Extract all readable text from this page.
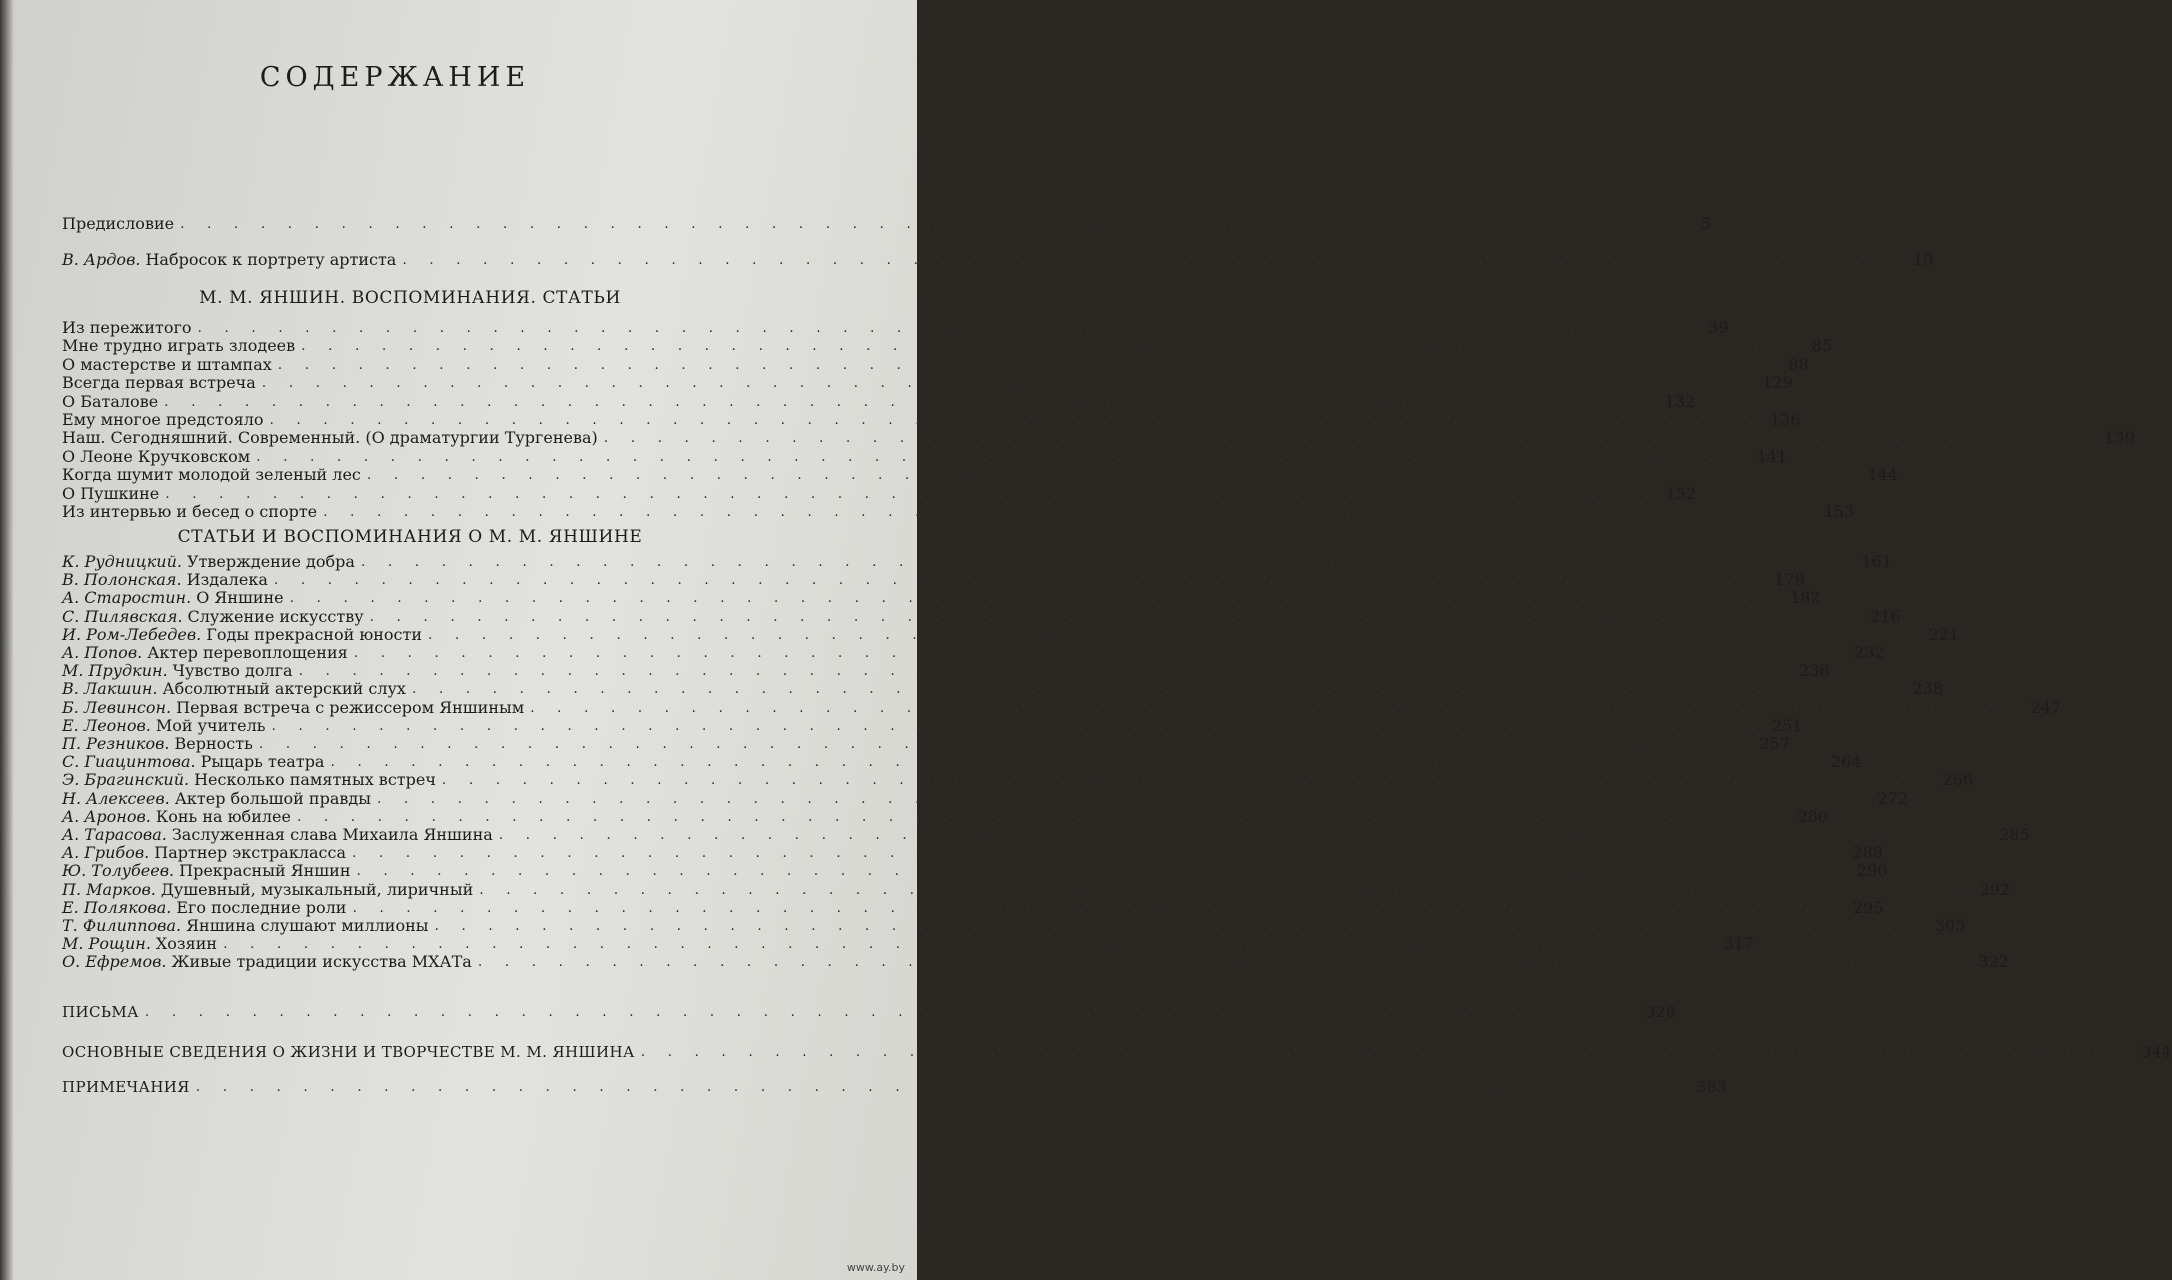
СОДЕРЖАНИЕ
Предисловие . . . . . . . . . . . . . . . . . . . . . . . . . . . . . . . . . . . . . . . . . . . . . . . . . . . . . . . .	5
В. Ардов. Набросок к портрету артиста . . . . . . . . . . . . . . . . . . . . . . . . . . . . . . . . . . . . . . . . . . . . . . . . . . . . . . . .	19
М. М. ЯНШИН. ВОСПОМИНАНИЯ. СТАТЬИ
Из пережитого . . . . . . . . . . . . . . . . . . . . . . . . . . . . . . . . . . . . . . . . . . . . . . . . . . . . . . . .	39
Мне трудно играть злодеев . . . . . . . . . . . . . . . . . . . . . . . . . . . . . . . . . . . . . . . . . . . . . . . . . . . . . . . .	85
О мастерстве и штампах . . . . . . . . . . . . . . . . . . . . . . . . . . . . . . . . . . . . . . . . . . . . . . . . . . . . . . . .	88
Всегда первая встреча . . . . . . . . . . . . . . . . . . . . . . . . . . . . . . . . . . . . . . . . . . . . . . . . . . . . . . . . 129
О Баталове . . . . . . . . . . . . . . . . . . . . . . . . . . . . . . . . . . . . . . . . . . . . . . . . . . . . . . . . 132
Ему многое предстояло . . . . . . . . . . . . . . . . . . . . . . . . . . . . . . . . . . . . . . . . . . . . . . . . . . . . . . . . 136
Наш. Сегодняшний. Современный. (О драматургии Тургенева) . . . . . . . . . . . . . . . . . . . . . . . . . . . . . . . . . . . . . . . . . . . . . . . . . . . . . . . . 139
О Леоне Кручковском . . . . . . . . . . . . . . . . . . . . . . . . . . . . . . . . . . . . . . . . . . . . . . . . . . . . . . . . 141
Когда шумит молодой зеленый лес . . . . . . . . . . . . . . . . . . . . . . . . . . . . . . . . . . . . . . . . . . . . . . . . . . . . . . . . 144
О Пушкине . . . . . . . . . . . . . . . . . . . . . . . . . . . . . . . . . . . . . . . . . . . . . . . . . . . . . . . . 152
Из интервью и бесед о спорте . . . . . . . . . . . . . . . . . . . . . . . . . . . . . . . . . . . . . . . . . . . . . . . . . . . . . . . . 153
СТАТЬИ И ВОСПОМИНАНИЯ О М. М. ЯНШИНЕ
К. Рудницкий. Утверждение добра . . . . . . . . . . . . . . . . . . . . . . . . . . . . . . . . . . . . . . . . . . . . . . . . . . . . . . . . 161
В. Полонская. Издалека . . . . . . . . . . . . . . . . . . . . . . . . . . . . . . . . . . . . . . . . . . . . . . . . . . . . . . . . 179
А. Старостин. О Яншине . . . . . . . . . . . . . . . . . . . . . . . . . . . . . . . . . . . . . . . . . . . . . . . . . . . . . . . . 182
С. Пилявская. Служение искусству . . . . . . . . . . . . . . . . . . . . . . . . . . . . . . . . . . . . . . . . . . . . . . . . . . . . . . . . 216
И. Ром-Лебедев. Годы прекрасной юности . . . . . . . . . . . . . . . . . . . . . . . . . . . . . . . . . . . . . . . . . . . . . . . . . . . . . . . . 221
А. Попов. Актер перевоплощения . . . . . . . . . . . . . . . . . . . . . . . . . . . . . . . . . . . . . . . . . . . . . . . . . . . . . . . . 232
М. Прудкин. Чувство долга . . . . . . . . . . . . . . . . . . . . . . . . . . . . . . . . . . . . . . . . . . . . . . . . . . . . . . . . 236
В. Лакшин. Абсолютный актерский слух . . . . . . . . . . . . . . . . . . . . . . . . . . . . . . . . . . . . . . . . . . . . . . . . . . . . . . . . 238
Б. Левинсон. Первая встреча с режиссером Яншиным . . . . . . . . . . . . . . . . . . . . . . . . . . . . . . . . . . . . . . . . . . . . . . . . . . . . . . . . 247
Е. Леонов. Мой учитель . . . . . . . . . . . . . . . . . . . . . . . . . . . . . . . . . . . . . . . . . . . . . . . . . . . . . . . . 251
П. Резников. Верность . . . . . . . . . . . . . . . . . . . . . . . . . . . . . . . . . . . . . . . . . . . . . . . . . . . . . . . . 257
С. Гиацинтова. Рыцарь театра . . . . . . . . . . . . . . . . . . . . . . . . . . . . . . . . . . . . . . . . . . . . . . . . . . . . . . . . 264
Э. Брагинский. Несколько памятных встреч . . . . . . . . . . . . . . . . . . . . . . . . . . . . . . . . . . . . . . . . . . . . . . . . . . . . . . . . 266
Н. Алексеев. Актер большой правды . . . . . . . . . . . . . . . . . . . . . . . . . . . . . . . . . . . . . . . . . . . . . . . . . . . . . . . . 272
А. Аронов. Конь на юбилее . . . . . . . . . . . . . . . . . . . . . . . . . . . . . . . . . . . . . . . . . . . . . . . . . . . . . . . . 280
А. Тарасова. Заслуженная слава Михаила Яншина . . . . . . . . . . . . . . . . . . . . . . . . . . . . . . . . . . . . . . . . . . . . . . . . . . . . . . . . 285
А. Грибов. Партнер экстракласса . . . . . . . . . . . . . . . . . . . . . . . . . . . . . . . . . . . . . . . . . . . . . . . . . . . . . . . . 288
Ю. Толубеев. Прекрасный Яншин . . . . . . . . . . . . . . . . . . . . . . . . . . . . . . . . . . . . . . . . . . . . . . . . . . . . . . . . 290
П. Марков. Душевный, музыкальный, лиричный . . . . . . . . . . . . . . . . . . . . . . . . . . . . . . . . . . . . . . . . . . . . . . . . . . . . . . . . 292
Е. Полякова. Его последние роли . . . . . . . . . . . . . . . . . . . . . . . . . . . . . . . . . . . . . . . . . . . . . . . . . . . . . . . . 295
Т. Филиппова. Яншина слушают миллионы . . . . . . . . . . . . . . . . . . . . . . . . . . . . . . . . . . . . . . . . . . . . . . . . . . . . . . . . 305
М. Рощин. Хозяин . . . . . . . . . . . . . . . . . . . . . . . . . . . . . . . . . . . . . . . . . . . . . . . . . . . . . . . . 317
О. Ефремов. Живые традиции искусства МХАТа . . . . . . . . . . . . . . . . . . . . . . . . . . . . . . . . . . . . . . . . . . . . . . . . . . . . . . . . 322
ПИСЬМА . . . . . . . . . . . . . . . . . . . . . . . . . . . . . . . . . . . . . . . . . . . . . . . . . . . . . . . . 328
ОСНОВНЫЕ СВЕДЕНИЯ О ЖИЗНИ И ТВОРЧЕСТВЕ М. М. ЯНШИНА . . . . . . . . . . . . . . . . . . . . . . . . . . . . . . . . . . . . . . . . . . . . . . . . . . . . . . . . 344
ПРИМЕЧАНИЯ . . . . . . . . . . . . . . . . . . . . . . . . . . . . . . . . . . . . . . . . . . . . . . . . . . . . . . . . 383
www.ay.by
